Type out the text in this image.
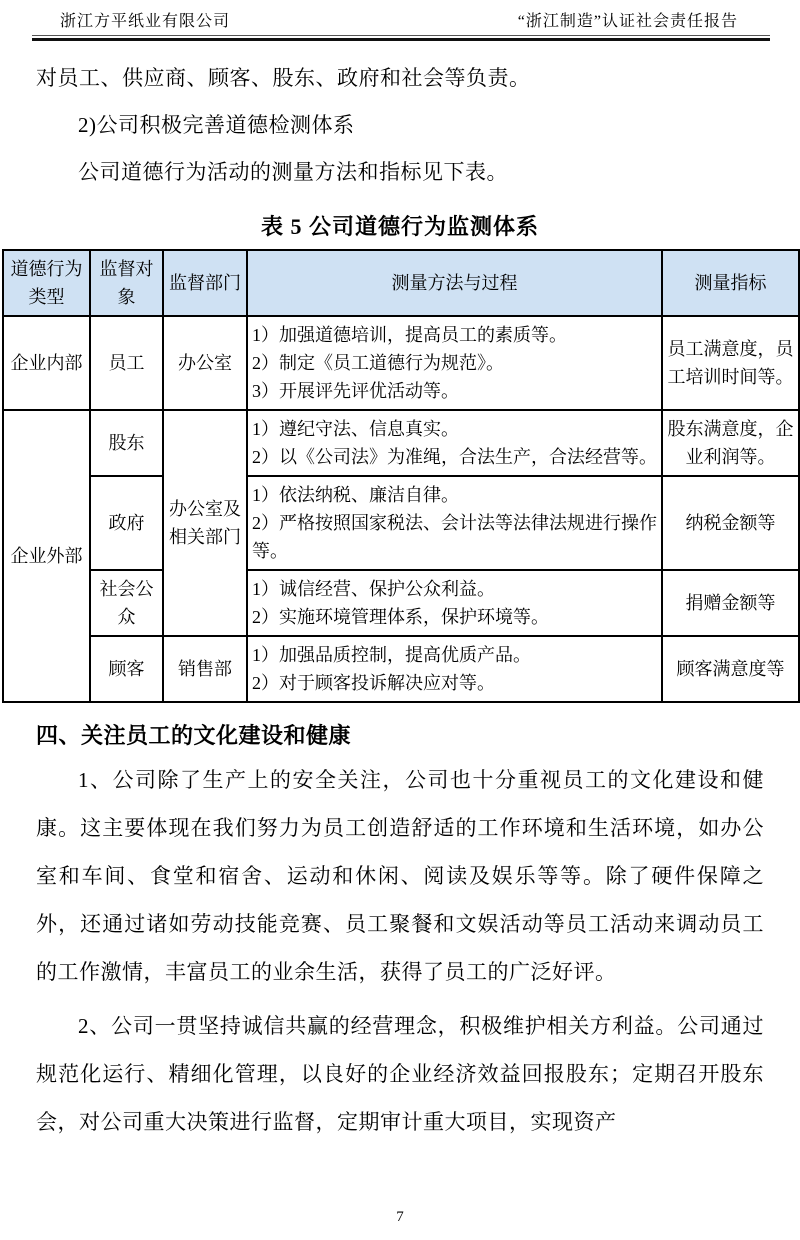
浙江方平纸业有限公司	“浙江制造”认证社会责任报告
对员工、供应商、顾客、股东、政府和社会等负责。
2)公司积极完善道德检测体系
公司道德行为活动的测量方法和指标见下表。
表 5 公司道德行为监测体系
道德行为类型	监督对象	监督部门	测量方法与过程	测量指标
企业内部	员工	办公室	1）加强道德培训，提高员工的素质等。
2）制定《员工道德行为规范》。
3）开展评先评优活动等。	员工满意度，员工培训时间等。
企业外部	股东	办公室及相关部门	1）遵纪守法、信息真实。
2）以《公司法》为准绳，合法生产，合法经营等。	股东满意度，企业利润等。
	政府		1）依法纳税、廉洁自律。
2）严格按照国家税法、会计法等法律法规进行操作等。	纳税金额等
	社会公众		1）诚信经营、保护公众利益。
2）实施环境管理体系，保护环境等。	捐赠金额等
	顾客	销售部	1）加强品质控制，提高优质产品。
2）对于顾客投诉解决应对等。	顾客满意度等
四、关注员工的文化建设和健康
1、公司除了生产上的安全关注，公司也十分重视员工的文化建设和健康。这主要体现在我们努力为员工创造舒适的工作环境和生活环境，如办公室和车间、食堂和宿舍、运动和休闲、阅读及娱乐等等。除了硬件保障之外，还通过诸如劳动技能竞赛、员工聚餐和文娱活动等员工活动来调动员工的工作激情，丰富员工的业余生活，获得了员工的广泛好评。
2、公司一贯坚持诚信共赢的经营理念，积极维护相关方利益。公司通过规范化运行、精细化管理，以良好的企业经济效益回报股东；定期召开股东会，对公司重大决策进行监督，定期审计重大项目，实现资产
7
